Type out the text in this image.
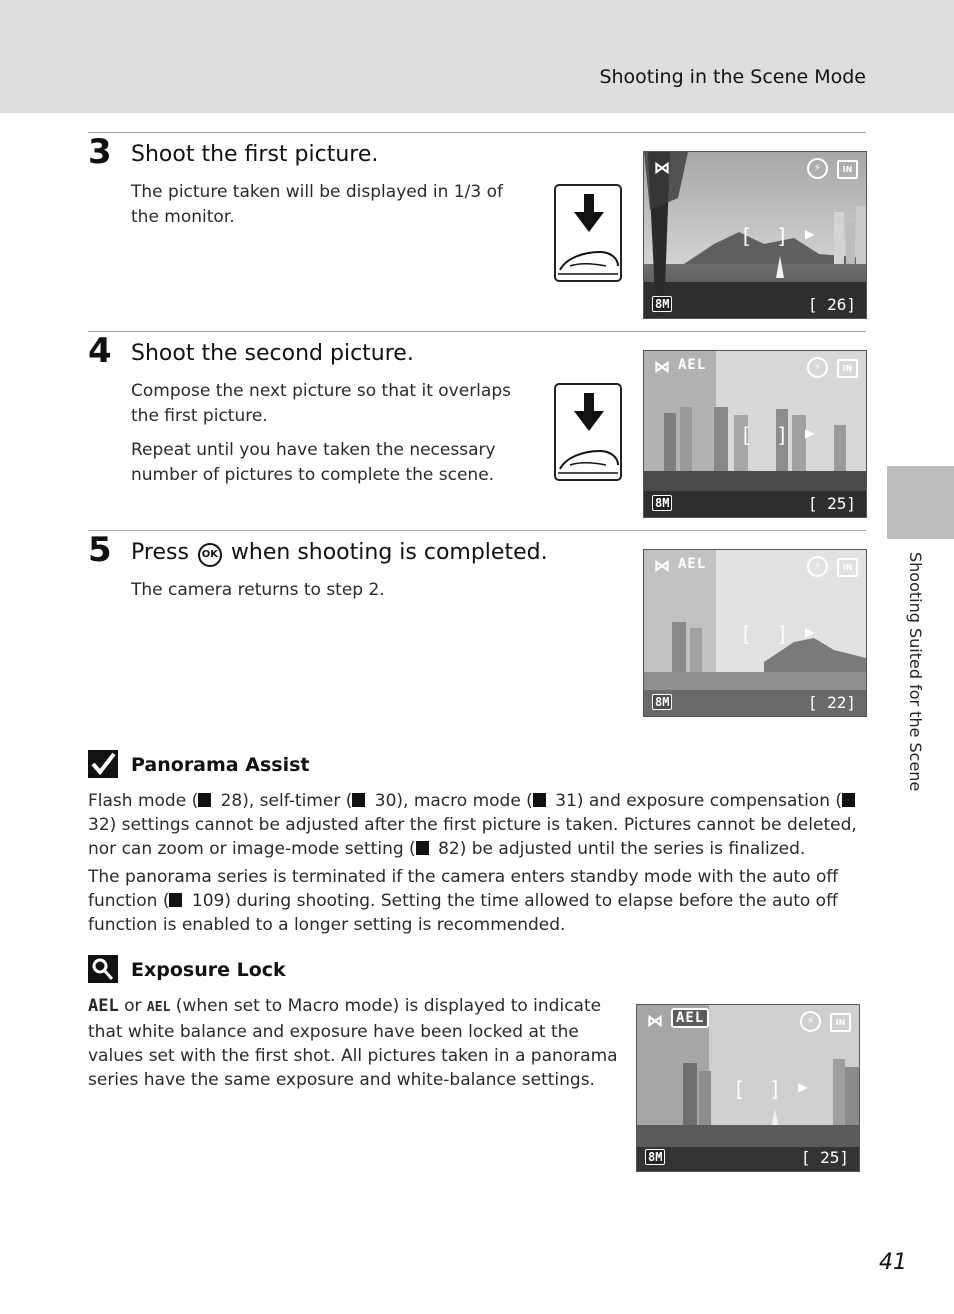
Shooting in the Scene Mode
3 Shoot the first picture.

The picture taken will be displayed in 1/3 of the monitor.

⋈	⚡	IN
[ ] ▶
8M	[ 26]
4 Shoot the second picture.

Compose the next picture so that it overlaps the first picture.

Repeat until you have taken the necessary number of pictures to complete the scene.

⋈ AEL	⚡	IN
[ ] ▶
8M	[ 25]
5 Press OK when shooting is completed.

The camera returns to step 2.

⋈ AEL	⚡	IN
[ ] ▶
8M	[ 22]
Panorama Assist

Flash mode ( 28), self-timer ( 30), macro mode ( 31) and exposure compensation ( 32) settings cannot be adjusted after the first picture is taken. Pictures cannot be deleted, nor can zoom or image-mode setting ( 82) be adjusted until the series is finalized.

The panorama series is terminated if the camera enters standby mode with the auto off function ( 109) during shooting. Setting the time allowed to elapse before the auto off function is enabled to a longer setting is recommended.

Exposure Lock

AEL or AEL (when set to Macro mode) is displayed to indicate that white balance and exposure have been locked at the values set with the first shot. All pictures taken in a panorama series have the same exposure and white-balance settings.

⋈ AEL	⚡	IN
[ ] ▶
8M	[ 25]
Shooting Suited for the Scene
41
